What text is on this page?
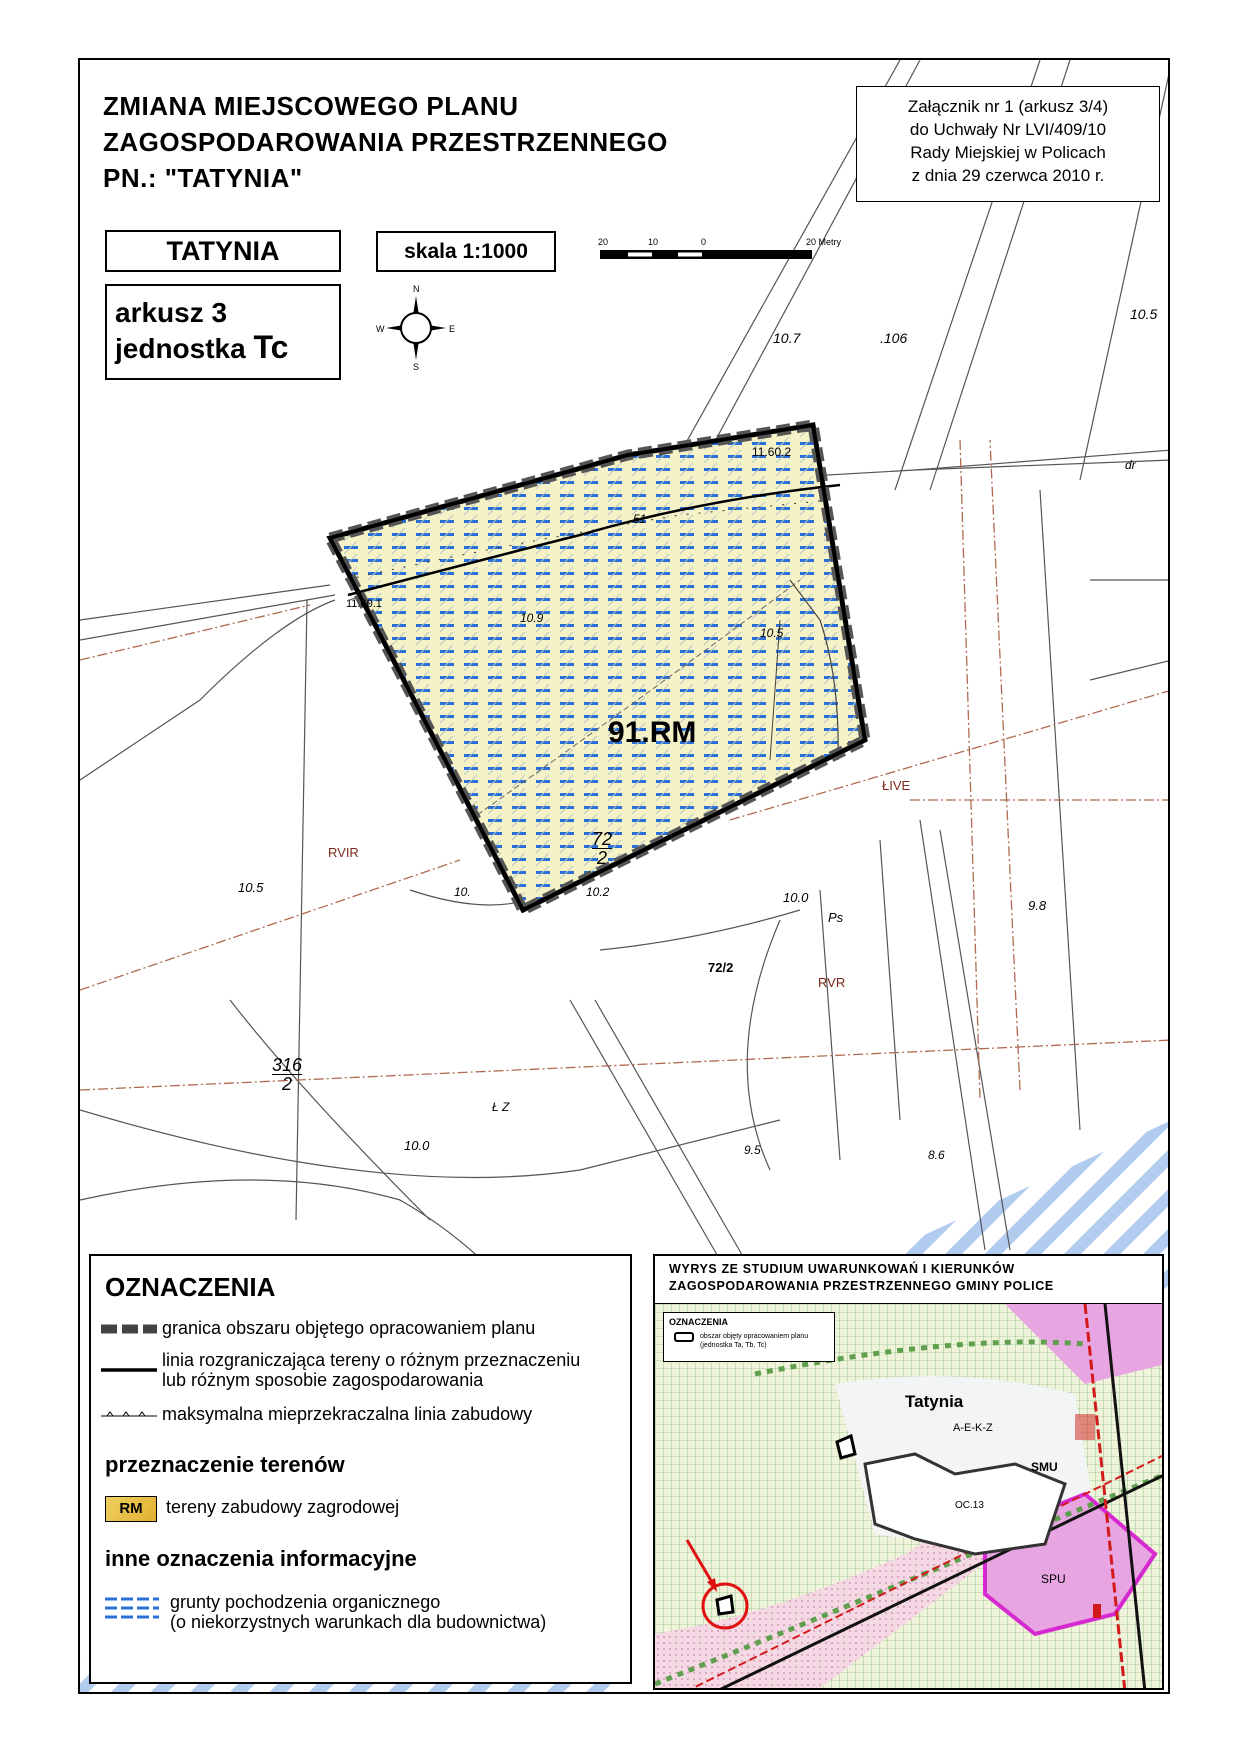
ZMIANA MIEJSCOWEGO PLANU
ZAGOSPODAROWANIA PRZESTRZENNEGO
PN.: "TATYNIA"
Załącznik nr 1 (arkusz 3/4)
do Uchwały Nr LVI/409/10
Rady Miejskiej w Policach
z dnia 29 czerwca 2010 r.
TATYNIA	skala 1:1000
arkusz 3
jednostka Tc
20	10	0	20 Metry
N
S
W	E
91.RM
10.7	.106
10.5
11.60.2
dr
11.60.1
10.9
51
10.5
ŁIVE
RVIR
10.5
10.0
Ps
9.8
72/2
RVR
Ł Z
10.0	9.5	8.6
10.2
10.
$\frac{72}{2}$
$\frac{316}{2}$
OZNACZENIA
granica obszaru objętego opracowaniem planu
linia rozgraniczająca tereny o różnym przeznaczeniu
lub różnym sposobie zagospodarowania
maksymalna mieprzekraczalna linia zabudowy
przeznaczenie terenów
RM tereny zabudowy zagrodowej
inne oznaczenia informacyjne
grunty pochodzenia organicznego
(o niekorzystnych warunkach dla budownictwa)
WYRYS ZE STUDIUM UWARUNKOWAŃ I KIERUNKÓW
ZAGOSPODAROWANIA PRZESTRZENNEGO GMINY POLICE
OZNACZENIA
obszar objęty opracowaniem planu (jednostka Ta, Tb, Tc)
Tatynia
A-E-K-Z
SMU
OC.13
SPU
